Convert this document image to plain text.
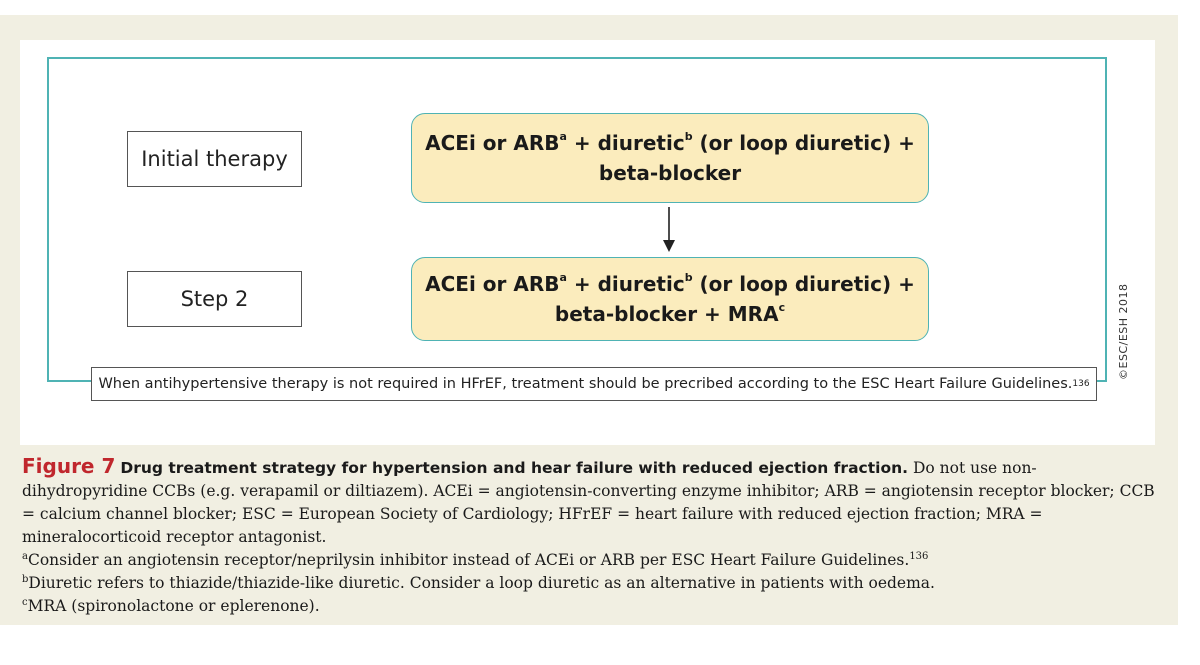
Initial therapy
ACEi or $ARB^a$ + diuretic$^b$ (or loop diuretic) +
beta-blocker
Step 2
ACEi or $ARB^a$ + diuretic$^b$ (or loop diuretic) +
beta-blocker + $MRA^c$
When antihypertensive therapy is not required in HFrEF, treatment should be precribed according to the ESC Heart Failure Guidelines. 136
©ESC/ESH 2018

Figure 7 Drug treatment strategy for hypertension and hear failure with reduced ejection fraction. Do not use non-dihydropyridine CCBs (e.g. verapamil or diltiazem). ACEi = angiotensin-converting enzyme inhibitor; ARB = angiotensin receptor blocker; CCB = calcium channel blocker; ESC = European Society of Cardiology; HFrEF = heart failure with reduced ejection fraction; MRA = mineralocorticoid receptor antagonist.

$^a$Consider an angiotensin receptor/neprilysin inhibitor instead of ACEi or ARB per ESC Heart Failure Guidelines.$^{136}$

$^b$Diuretic refers to thiazide/thiazide-like diuretic. Consider a loop diuretic as an alternative in patients with oedema.

$^c$MRA (spironolactone or eplerenone).
